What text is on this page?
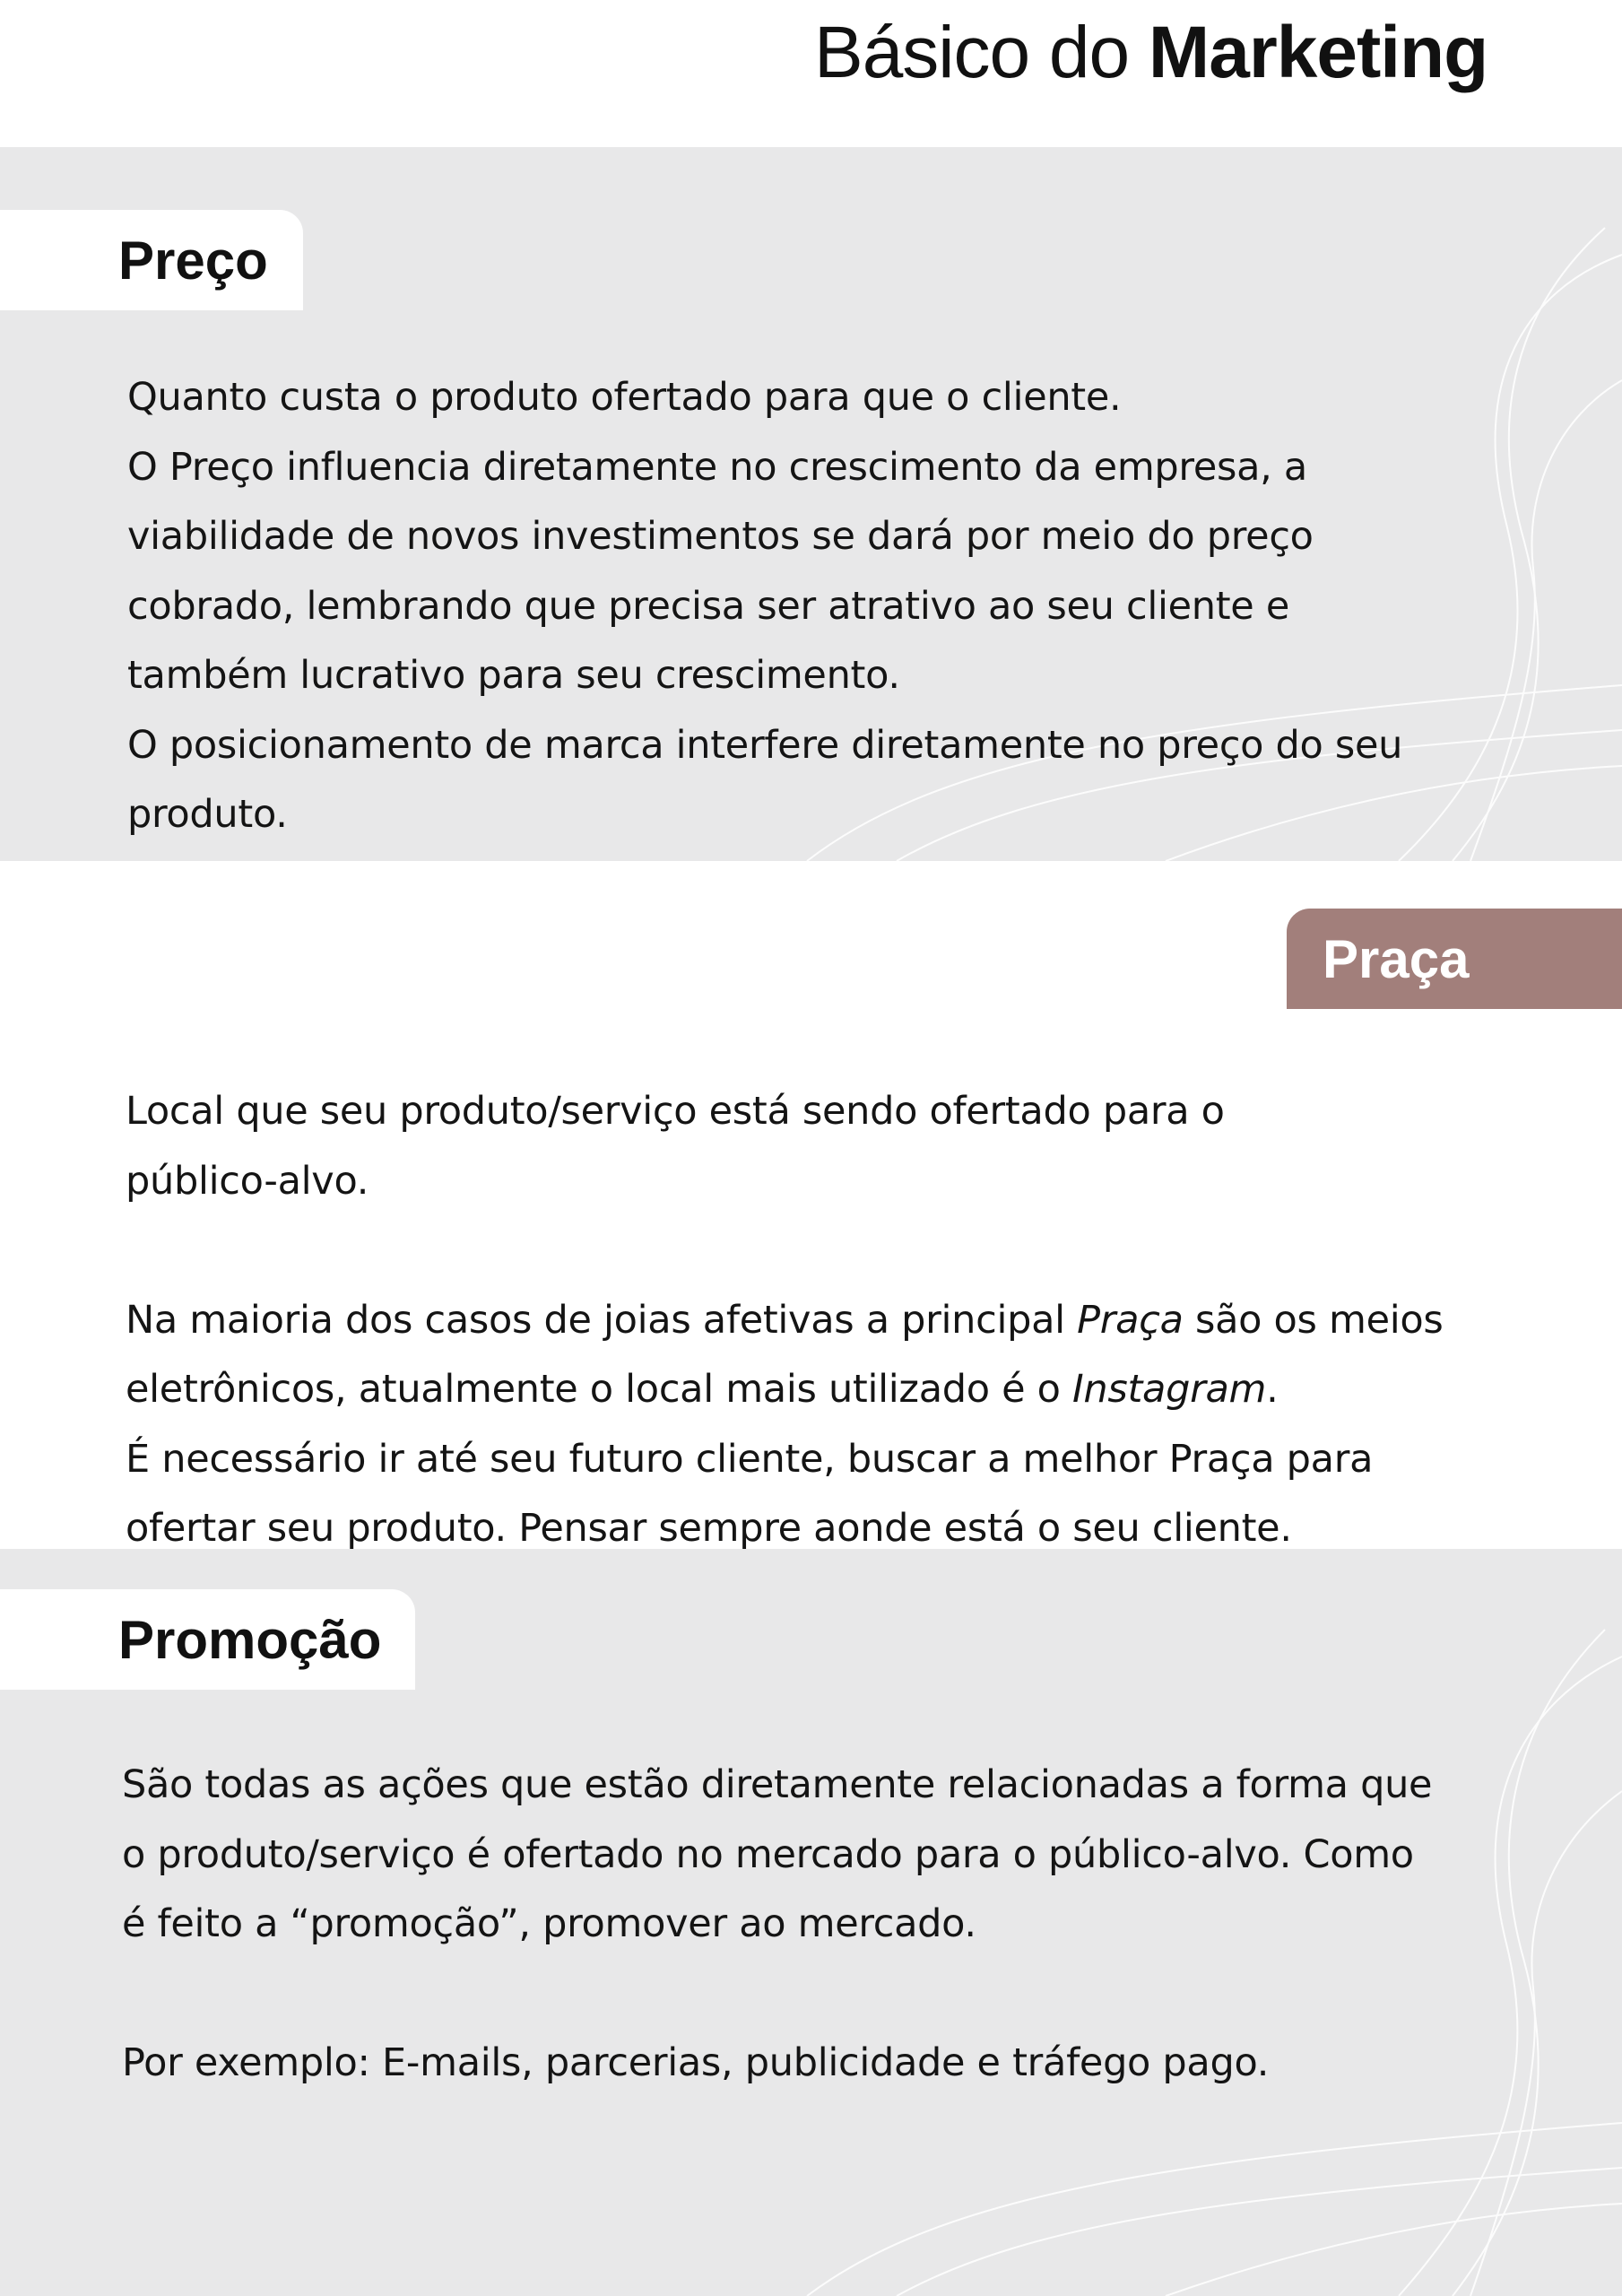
Básico do Marketing
Preço

Quanto custa o produto ofertado para que o cliente.

O Preço influencia diretamente no crescimento da empresa, a

viabilidade de novos investimentos se dará por meio do preço

cobrado, lembrando que precisa ser atrativo ao seu cliente e

também lucrativo para seu crescimento.

O posicionamento de marca interfere diretamente no preço do seu

produto.

Praça

Local que seu produto/serviço está sendo ofertado para o

público-alvo.

Na maioria dos casos de joias afetivas a principal Praça são os meios

eletrônicos, atualmente o local mais utilizado é o Instagram.

É necessário ir até seu futuro cliente, buscar a melhor Praça para

ofertar seu produto. Pensar sempre aonde está o seu cliente.

Promoção

São todas as ações que estão diretamente relacionadas a forma que

o produto/serviço é ofertado no mercado para o público-alvo. Como

é feito a “promoção”, promover ao mercado.

Por exemplo: E-mails, parcerias, publicidade e tráfego pago.
